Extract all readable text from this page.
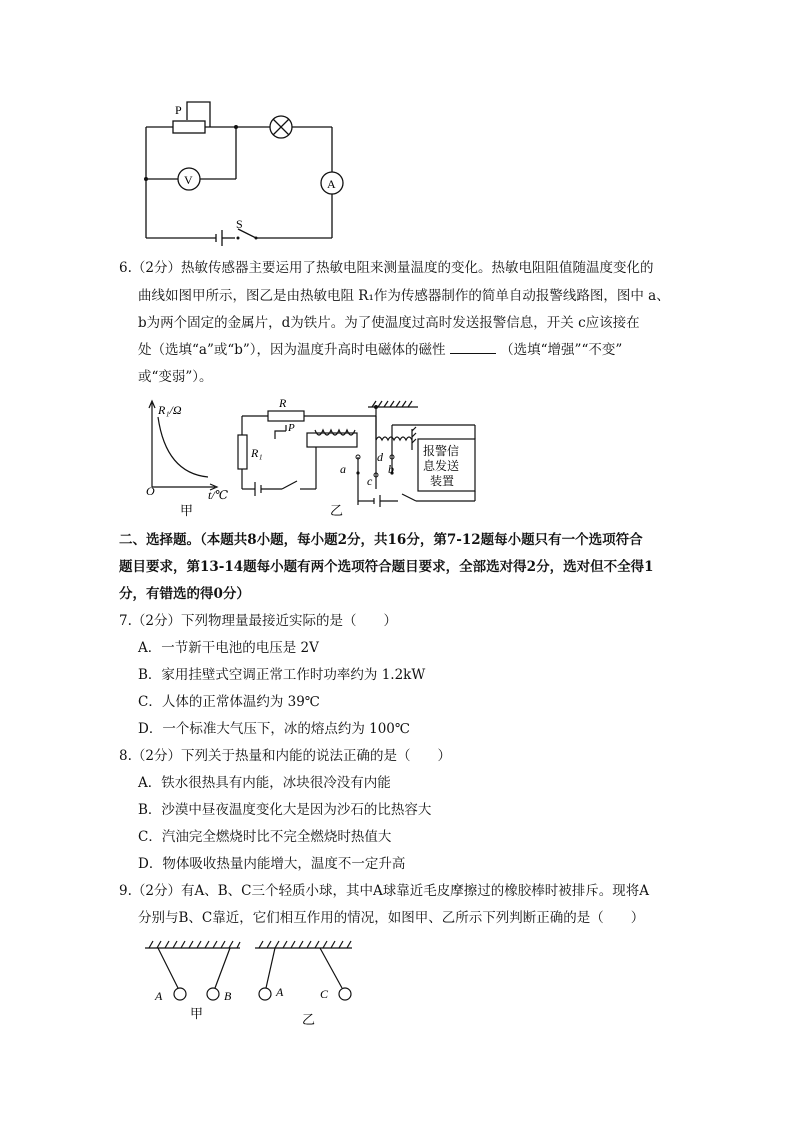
P
V	A
S
6.（2分）热敏传感器主要运用了热敏电阻来测量温度的变化。热敏电阻阻值随温度变化的
曲线如图甲所示，图乙是由热敏电阻 R₁作为传感器制作的简单自动报警线路图，图中 a、
b为两个固定的金属片，d为铁片。为了使温度过高时发送报警信息，开关 c应该接在
处（选填“a”或“b”），因为温度升高时电磁体的磁性	（选填“增强”“不变”
或“变弱”）。
R₁/Ω
O	t/℃
甲
R
P
R₁
a	b
d
c
乙
报警信
息发送
装置
二、选择题。（本题共8小题，每小题2分，共16分，第7-12题每小题只有一个选项符合
题目要求，第13-14题每小题有两个选项符合题目要求，全部选对得2分，选对但不全得1
分，有错选的得0分）
7.（2分）下列物理量最接近实际的是（　　）
A．一节新干电池的电压是 2V
B．家用挂壁式空调正常工作时功率约为 1.2kW
C．人体的正常体温约为 39℃
D．一个标准大气压下，冰的熔点约为 100℃
8.（2分）下列关于热量和内能的说法正确的是（　　）
A．铁水很热具有内能，冰块很冷没有内能
B．沙漠中昼夜温度变化大是因为沙石的比热容大
C．汽油完全燃烧时比不完全燃烧时热值大
D．物体吸收热量内能增大，温度不一定升高
9.（2分）有A、B、C三个轻质小球，其中A球靠近毛皮摩擦过的橡胶棒时被排斥。现将A
分别与B、C靠近，它们相互作用的情况，如图甲、乙所示下列判断正确的是（　　）
A	B
甲
A	C
乙
